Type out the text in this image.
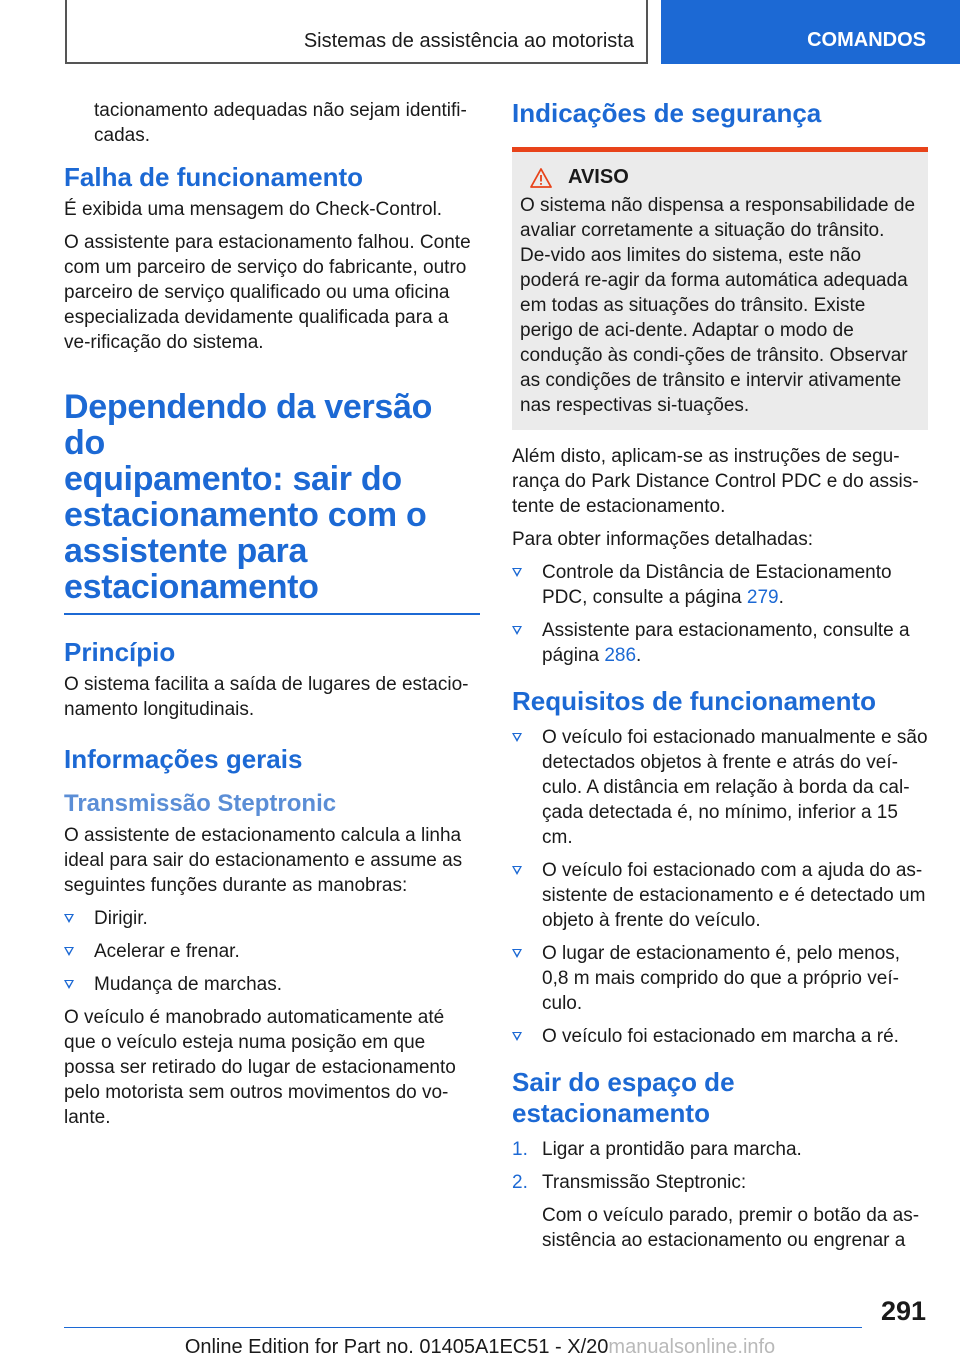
Sistemas de assistência ao motorista	COMANDOS

tacionamento adequadas não sejam identifi-cadas.

Falha de funcionamento

É exibida uma mensagem do Check-Control.

O assistente para estacionamento falhou. Conte com um parceiro de serviço do fabricante, outro parceiro de serviço qualificado ou uma oficina especializada devidamente qualificada para a ve-rificação do sistema.

Dependendo da versão do
equipamento: sair do
estacionamento com o
assistente para
estacionamento
Princípio

O sistema facilita a saída de lugares de estacio-namento longitudinais.

Informações gerais
Transmissão Steptronic

O assistente de estacionamento calcula a linha ideal para sair do estacionamento e assume as seguintes funções durante as manobras:

Dirigir.
Acelerar e frenar.
Mudança de marchas.

O veículo é manobrado automaticamente até que o veículo esteja numa posição em que possa ser retirado do lugar de estacionamento pelo motorista sem outros movimentos do vo-lante.

Indicações de segurança
AVISO

O sistema não dispensa a responsabilidade de avaliar corretamente a situação do trânsito. De-vido aos limites do sistema, este não poderá re-agir da forma automática adequada em todas as situações do trânsito. Existe perigo de aci-dente. Adaptar o modo de condução às condi-ções de trânsito. Observar as condições de trânsito e intervir ativamente nas respectivas si-tuações.

Além disto, aplicam-se as instruções de segu-rança do Park Distance Control PDC e do assis-tente de estacionamento.

Para obter informações detalhadas:

Controle da Distância de Estacionamento PDC, consulte a página 279.
Assistente para estacionamento, consulte a página 286.
Requisitos de funcionamento
O veículo foi estacionado manualmente e são detectados objetos à frente e atrás do veí-culo. A distância em relação à borda da cal-çada detectada é, no mínimo, inferior a 15 cm.
O veículo foi estacionado com a ajuda do as-sistente de estacionamento e é detectado um objeto à frente do veículo.
O lugar de estacionamento é, pelo menos, 0,8 m mais comprido do que a próprio veí-culo.
O veículo foi estacionado em marcha a ré.
Sair do espaço de estacionamento
1. Ligar a prontidão para marcha.
2. Transmissão Steptronic:

Com o veículo parado, premir o botão da as-sistência ao estacionamento ou engrenar a

291
Online Edition for Part no. 01405A1EC51 - X/20manualsonline.info
